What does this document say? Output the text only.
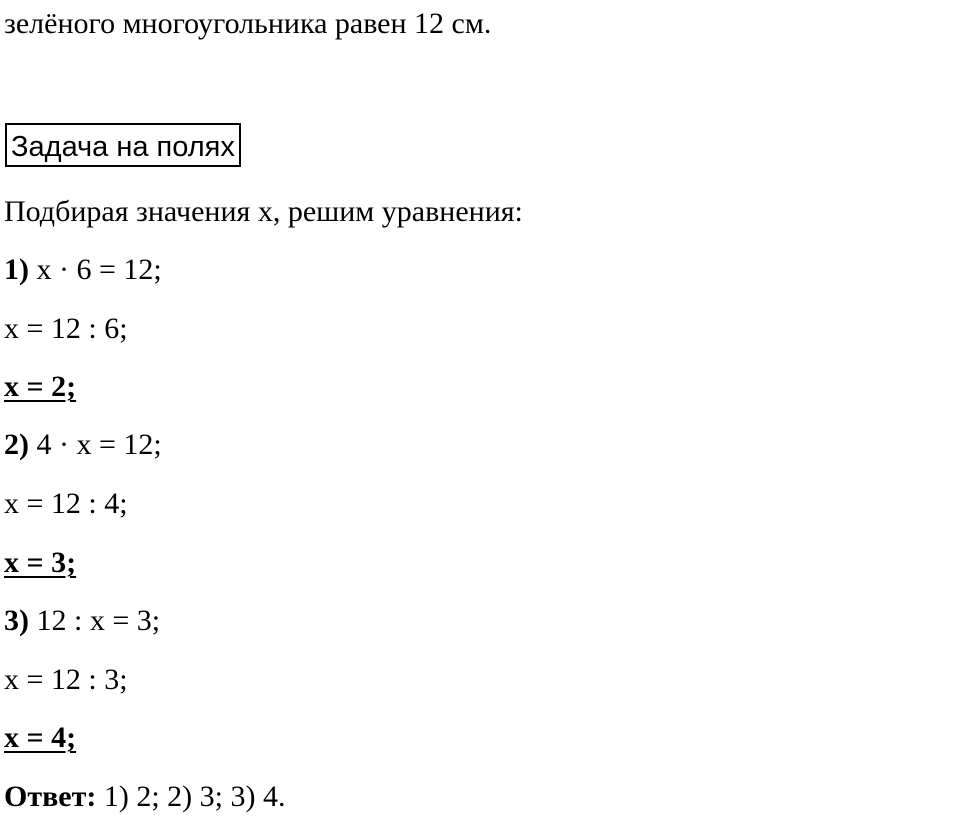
зелёного многоугольника равен 12 см.
Задача на полях
Подбирая значения x, решим уравнения:
1) x · 6 = 12;
x = 12 : 6;
x = 2;
2) 4 · x = 12;
x = 12 : 4;
x = 3;
3) 12 : x = 3;
x = 12 : 3;
x = 4;
Ответ: 1) 2; 2) 3; 3) 4.
